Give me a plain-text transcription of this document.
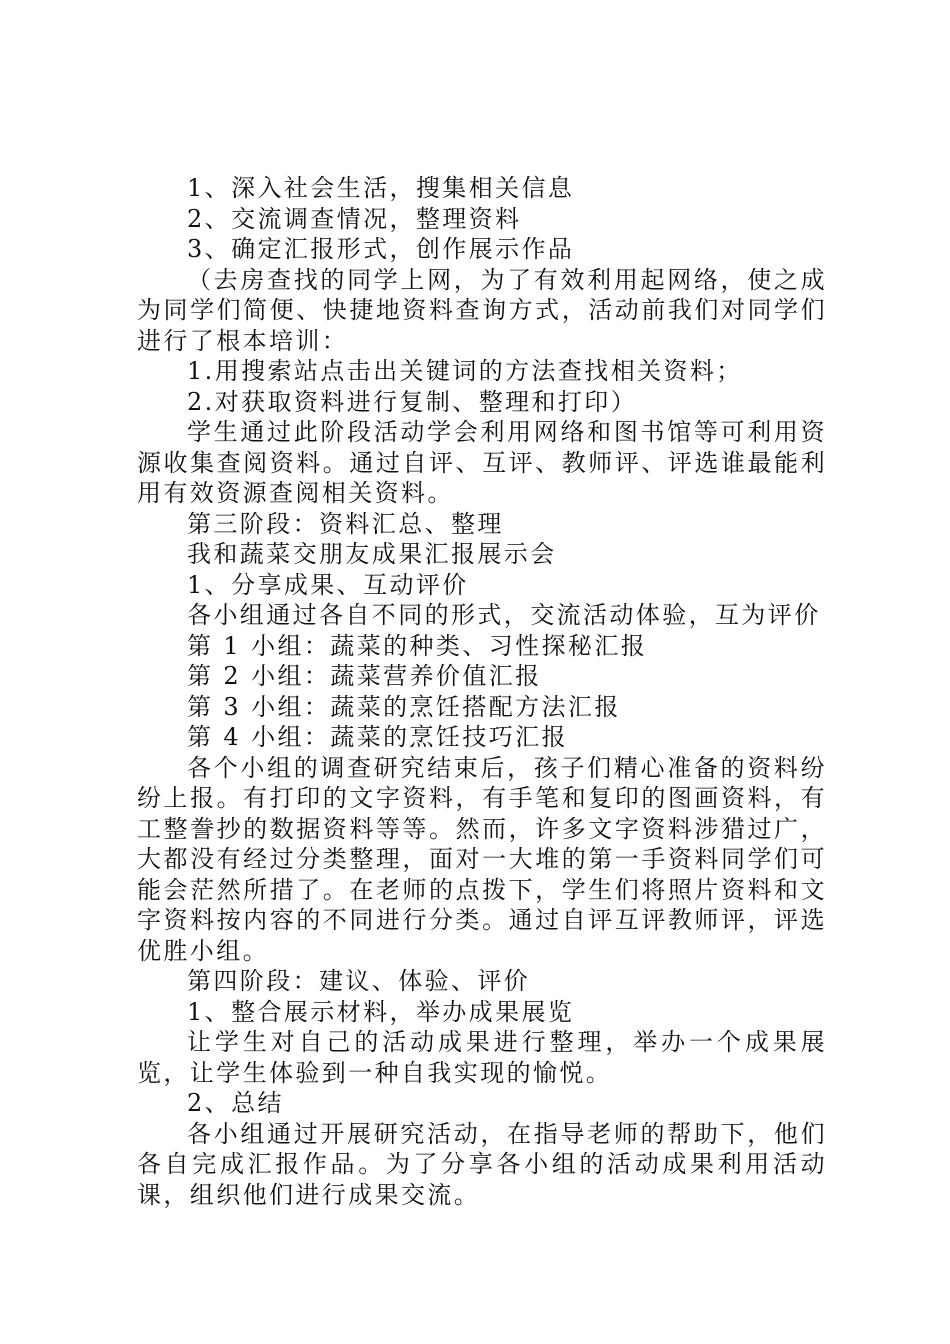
1、深入社会生活，搜集相关信息

2、交流调查情况，整理资料

3、确定汇报形式，创作展示作品

（去房查找的同学上网，为了有效利用起网络，使之成为同学们简便、快捷地资料查询方式，活动前我们对同学们进行了根本培训：

1.用搜索站点击出关键词的方法查找相关资料；

2.对获取资料进行复制、整理和打印）

学生通过此阶段活动学会利用网络和图书馆等可利用资源收集查阅资料。通过自评、互评、教师评、评选谁最能利用有效资源查阅相关资料。

第三阶段：资料汇总、整理

我和蔬菜交朋友成果汇报展示会

1、分享成果、互动评价

各小组通过各自不同的形式，交流活动体验，互为评价

第 1 小组：蔬菜的种类、习性探秘汇报

第 2 小组：蔬菜营养价值汇报

第 3 小组：蔬菜的烹饪搭配方法汇报

第 4 小组：蔬菜的烹饪技巧汇报

各个小组的调查研究结束后，孩子们精心准备的资料纷纷上报。有打印的文字资料，有手笔和复印的图画资料，有工整誊抄的数据资料等等。然而，许多文字资料涉猎过广，大都没有经过分类整理，面对一大堆的第一手资料同学们可能会茫然所措了。在老师的点拨下，学生们将照片资料和文字资料按内容的不同进行分类。通过自评互评教师评，评选优胜小组。

第四阶段：建议、体验、评价

1、整合展示材料，举办成果展览

让学生对自己的活动成果进行整理，举办一个成果展览，让学生体验到一种自我实现的愉悦。

2、总结

各小组通过开展研究活动，在指导老师的帮助下，他们各自完成汇报作品。为了分享各小组的活动成果利用活动课，组织他们进行成果交流。
